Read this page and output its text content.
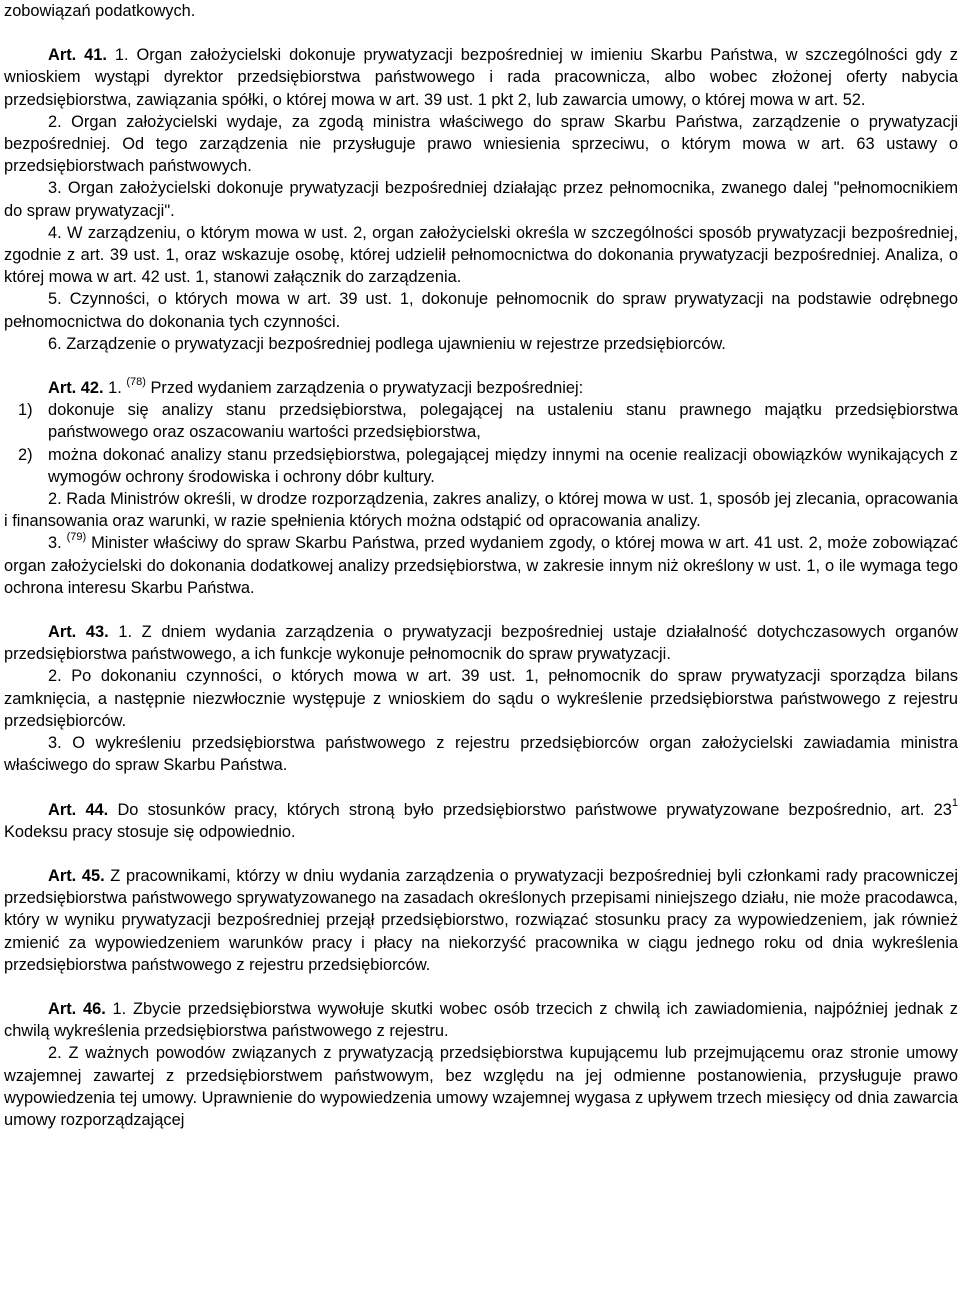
zobowiązań podatkowych.

Art. 41. 1. Organ założycielski dokonuje prywatyzacji bezpośredniej w imieniu Skarbu Państwa, w szczególności gdy z wnioskiem wystąpi dyrektor przedsiębiorstwa państwowego i rada pracownicza, albo wobec złożonej oferty nabycia przedsiębiorstwa, zawiązania spółki, o której mowa w art. 39 ust. 1 pkt 2, lub zawarcia umowy, o której mowa w art. 52.

2. Organ założycielski wydaje, za zgodą ministra właściwego do spraw Skarbu Państwa, zarządzenie o prywatyzacji bezpośredniej. Od tego zarządzenia nie przysługuje prawo wniesienia sprzeciwu, o którym mowa w art. 63 ustawy o przedsiębiorstwach państwowych.

3. Organ założycielski dokonuje prywatyzacji bezpośredniej działając przez pełnomocnika, zwanego dalej "pełnomocnikiem do spraw prywatyzacji".

4. W zarządzeniu, o którym mowa w ust. 2, organ założycielski określa w szczególności sposób prywatyzacji bezpośredniej, zgodnie z art. 39 ust. 1, oraz wskazuje osobę, której udzielił pełnomocnictwa do dokonania prywatyzacji bezpośredniej. Analiza, o której mowa w art. 42 ust. 1, stanowi załącznik do zarządzenia.

5. Czynności, o których mowa w art. 39 ust. 1, dokonuje pełnomocnik do spraw prywatyzacji na podstawie odrębnego pełnomocnictwa do dokonania tych czynności.

6. Zarządzenie o prywatyzacji bezpośredniej podlega ujawnieniu w rejestrze przedsiębiorców.

Art. 42. 1. $^{(78)}$ Przed wydaniem zarządzenia o prywatyzacji bezpośredniej:

1) dokonuje się analizy stanu przedsiębiorstwa, polegającej na ustaleniu stanu prawnego majątku przedsiębiorstwa państwowego oraz oszacowaniu wartości przedsiębiorstwa,
2) można dokonać analizy stanu przedsiębiorstwa, polegającej między innymi na ocenie realizacji obowiązków wynikających z wymogów ochrony środowiska i ochrony dóbr kultury.

2. Rada Ministrów określi, w drodze rozporządzenia, zakres analizy, o której mowa w ust. 1, sposób jej zlecania, opracowania i finansowania oraz warunki, w razie spełnienia których można odstąpić od opracowania analizy.

3. $^{(79)}$ Minister właściwy do spraw Skarbu Państwa, przed wydaniem zgody, o której mowa w art. 41 ust. 2, może zobowiązać organ założycielski do dokonania dodatkowej analizy przedsiębiorstwa, w zakresie innym niż określony w ust. 1, o ile wymaga tego ochrona interesu Skarbu Państwa.

Art. 43. 1. Z dniem wydania zarządzenia o prywatyzacji bezpośredniej ustaje działalność dotychczasowych organów przedsiębiorstwa państwowego, a ich funkcje wykonuje pełnomocnik do spraw prywatyzacji.

2. Po dokonaniu czynności, o których mowa w art. 39 ust. 1, pełnomocnik do spraw prywatyzacji sporządza bilans zamknięcia, a następnie niezwłocznie występuje z wnioskiem do sądu o wykreślenie przedsiębiorstwa państwowego z rejestru przedsiębiorców.

3. O wykreśleniu przedsiębiorstwa państwowego z rejestru przedsiębiorców organ założycielski zawiadamia ministra właściwego do spraw Skarbu Państwa.

Art. 44. Do stosunków pracy, których stroną było przedsiębiorstwo państwowe prywatyzowane bezpośrednio, art. $23^1$ Kodeksu pracy stosuje się odpowiednio.

Art. 45. Z pracownikami, którzy w dniu wydania zarządzenia o prywatyzacji bezpośredniej byli członkami rady pracowniczej przedsiębiorstwa państwowego sprywatyzowanego na zasadach określonych przepisami niniejszego działu, nie może pracodawca, który w wyniku prywatyzacji bezpośredniej przejął przedsiębiorstwo, rozwiązać stosunku pracy za wypowiedzeniem, jak również zmienić za wypowiedzeniem warunków pracy i płacy na niekorzyść pracownika w ciągu jednego roku od dnia wykreślenia przedsiębiorstwa państwowego z rejestru przedsiębiorców.

Art. 46. 1. Zbycie przedsiębiorstwa wywołuje skutki wobec osób trzecich z chwilą ich zawiadomienia, najpóźniej jednak z chwilą wykreślenia przedsiębiorstwa państwowego z rejestru.

2. Z ważnych powodów związanych z prywatyzacją przedsiębiorstwa kupującemu lub przejmującemu oraz stronie umowy wzajemnej zawartej z przedsiębiorstwem państwowym, bez względu na jej odmienne postanowienia, przysługuje prawo wypowiedzenia tej umowy. Uprawnienie do wypowiedzenia umowy wzajemnej wygasa z upływem trzech miesięcy od dnia zawarcia umowy rozporządzającej
